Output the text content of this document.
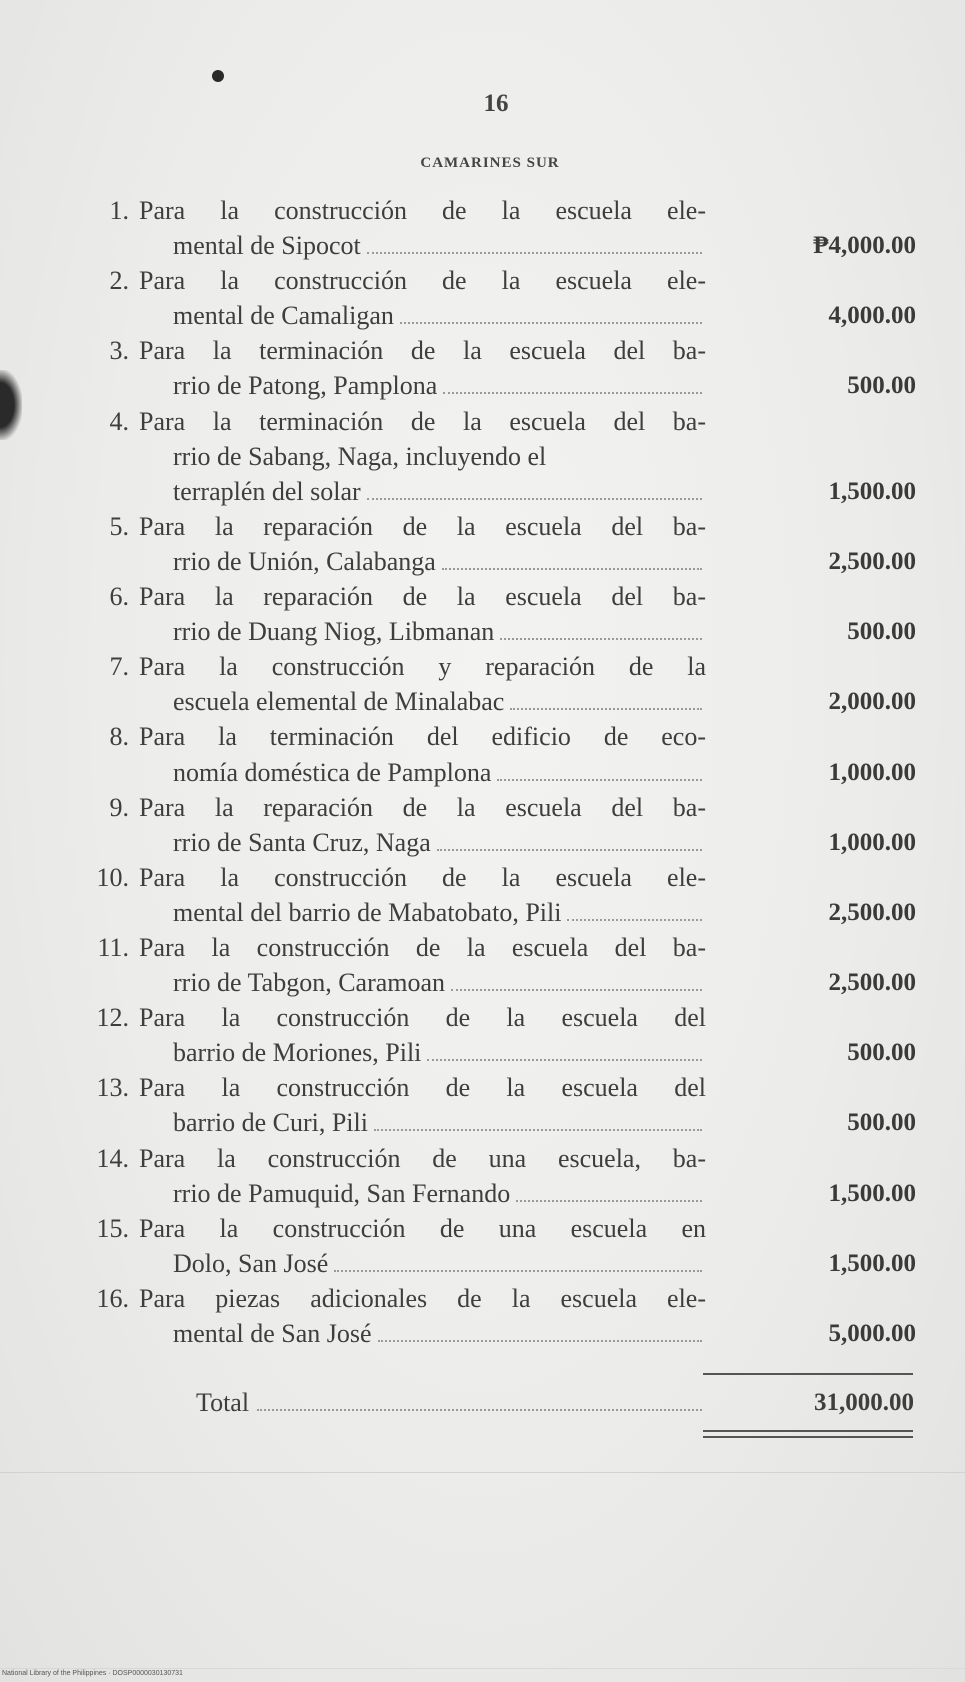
16
CAMARINES SUR
1. Para la construcción de la escuela ele-
mental de Sipocot	₱4,000.00
2. Para la construcción de la escuela ele-
mental de Camaligan	4,000.00
3. Para la terminación de la escuela del ba-
rrio de Patong, Pamplona	500.00
4. Para la terminación de la escuela del ba-
rrio de Sabang, Naga, incluyendo el
terraplén del solar	1,500.00
5. Para la reparación de la escuela del ba-
rrio de Unión, Calabanga	2,500.00
6. Para la reparación de la escuela del ba-
rrio de Duang Niog, Libmanan	500.00
7. Para la construcción y reparación de la
escuela elemental de Minalabac	2,000.00
8. Para la terminación del edificio de eco-
nomía doméstica de Pamplona	1,000.00
9. Para la reparación de la escuela del ba-
rrio de Santa Cruz, Naga	1,000.00
10. Para la construcción de la escuela ele-
mental del barrio de Mabatobato, Pili	2,500.00
11. Para la construcción de la escuela del ba-
rrio de Tabgon, Caramoan	2,500.00
12. Para la construcción de la escuela del
barrio de Moriones, Pili	500.00
13. Para la construcción de la escuela del
barrio de Curi, Pili	500.00
14. Para la construcción de una escuela, ba-
rrio de Pamuquid, San Fernando	1,500.00
15. Para la construcción de una escuela en
Dolo, San José	1,500.00
16. Para piezas adicionales de la escuela ele-
mental de San José	5,000.00
Total	31,000.00
National Library of the Philippines · DOSP0000030130731
